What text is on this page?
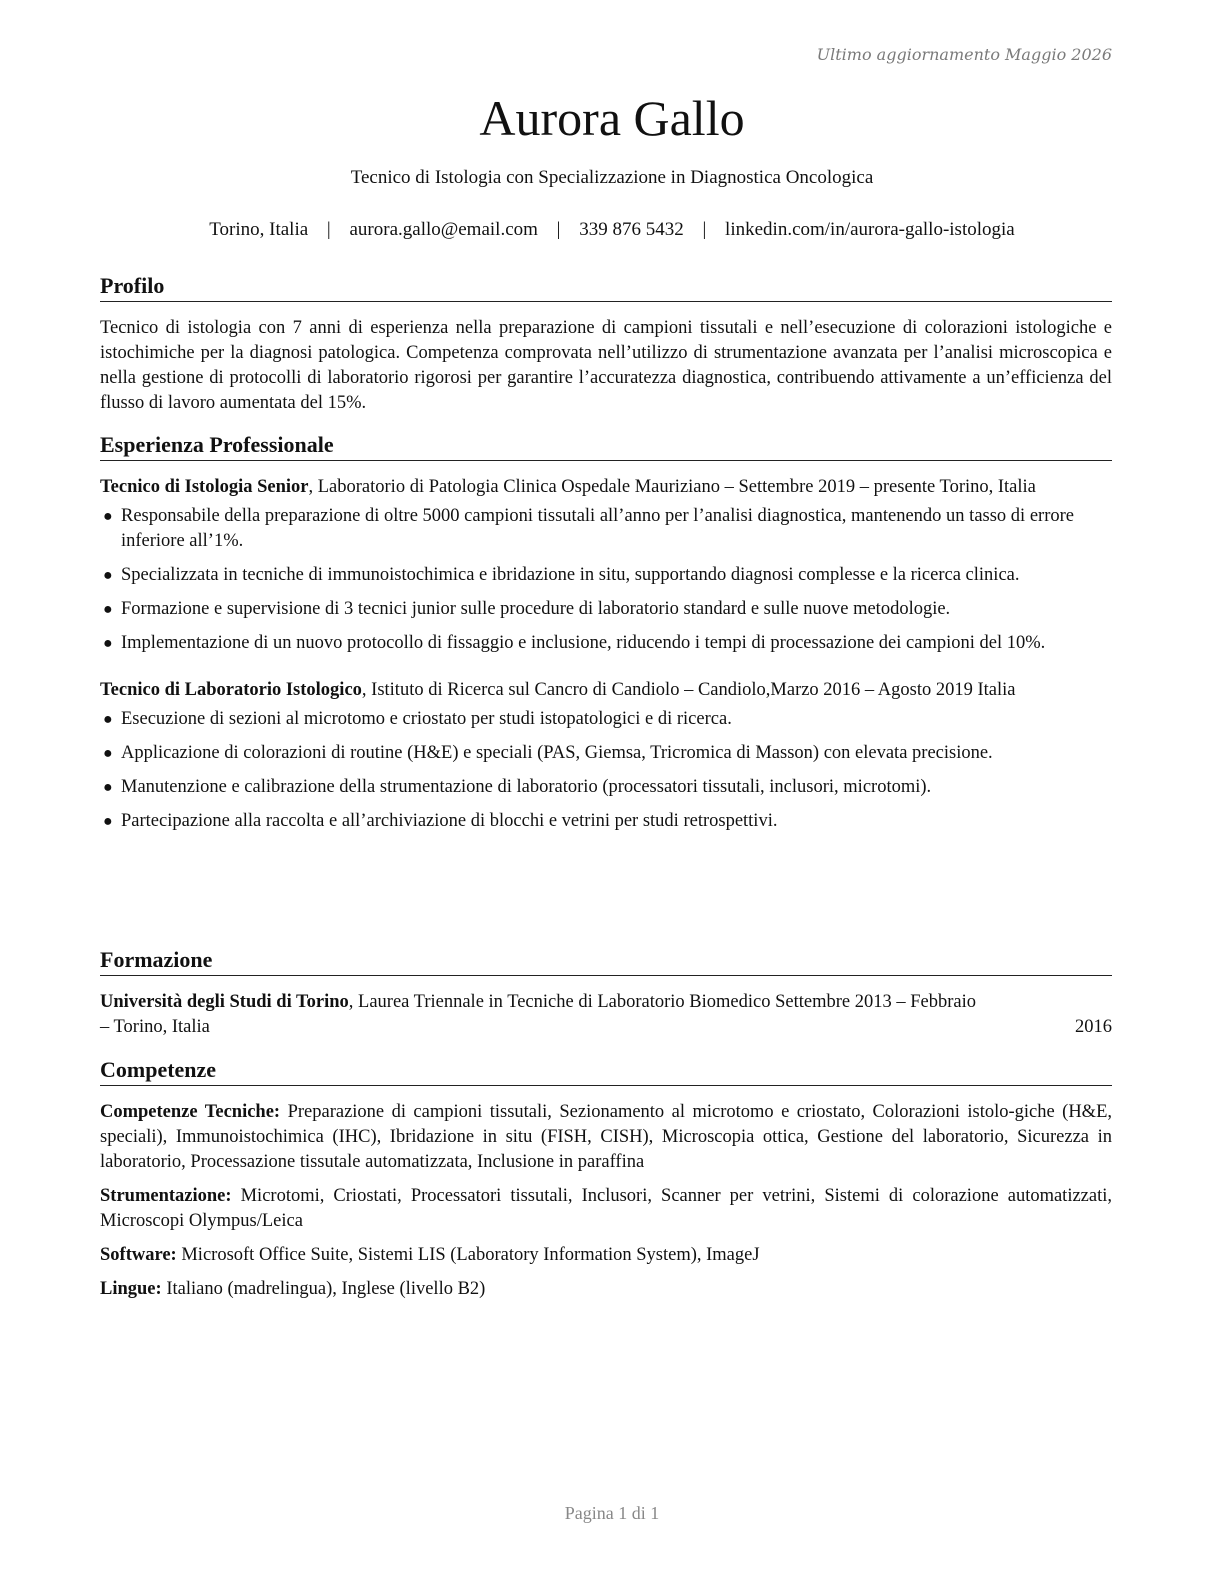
Ultimo aggiornamento Maggio 2026
Aurora Gallo
Tecnico di Istologia con Specializzazione in Diagnostica Oncologica
Torino, Italia | aurora.gallo@email.com | 339 876 5432 | linkedin.com/in/aurora-gallo-istologia
Profilo

Tecnico di istologia con 7 anni di esperienza nella preparazione di campioni tissutali e nell’esecuzione di colorazioni istologiche e istochimiche per la diagnosi patologica. Competenza comprovata nell’utilizzo di strumentazione avanzata per l’analisi microscopica e nella gestione di protocolli di laboratorio rigorosi per garantire l’accuratezza diagnostica, contribuendo attivamente a un’efficienza del flusso di lavoro aumentata del 15%.

Esperienza Professionale

Tecnico di Istologia Senior, Laboratorio di Patologia Clinica Ospedale Mauriziano – Settembre 2019 – presente Torino, Italia

● Responsabile della preparazione di oltre 5000 campioni tissutali all’anno per l’analisi diagnostica, mantenendo un tasso di errore inferiore all’1%.
● Specializzata in tecniche di immunoistochimica e ibridazione in situ, supportando diagnosi complesse e la ricerca clinica.
● Formazione e supervisione di 3 tecnici junior sulle procedure di laboratorio standard e sulle nuove metodologie.
● Implementazione di un nuovo protocollo di fissaggio e inclusione, riducendo i tempi di processazione dei campioni del 10%.

Tecnico di Laboratorio Istologico, Istituto di Ricerca sul Cancro di Candiolo – Candiolo,Marzo 2016 – Agosto 2019 Italia

● Esecuzione di sezioni al microtomo e criostato per studi istopatologici e di ricerca.
● Applicazione di colorazioni di routine (H&E) e speciali (PAS, Giemsa, Tricromica di Masson) con elevata precisione.
● Manutenzione e calibrazione della strumentazione di laboratorio (processatori tissutali, inclusori, microtomi).
● Partecipazione alla raccolta e all’archiviazione di blocchi e vetrini per studi retrospettivi.
Formazione
Università degli Studi di Torino, Laurea Triennale in Tecniche di Laboratorio Biomedico Settembre 2013 – Febbraio
– Torino, Italia	2016
Competenze

Competenze Tecniche: Preparazione di campioni tissutali, Sezionamento al microtomo e criostato, Colorazioni istolo-giche (H&E, speciali), Immunoistochimica (IHC), Ibridazione in situ (FISH, CISH), Microscopia ottica, Gestione del laboratorio, Sicurezza in laboratorio, Processazione tissutale automatizzata, Inclusione in paraffina

Strumentazione: Microtomi, Criostati, Processatori tissutali, Inclusori, Scanner per vetrini, Sistemi di colorazione automatizzati, Microscopi Olympus/Leica

Software: Microsoft Office Suite, Sistemi LIS (Laboratory Information System), ImageJ

Lingue: Italiano (madrelingua), Inglese (livello B2)

Pagina 1 di 1
